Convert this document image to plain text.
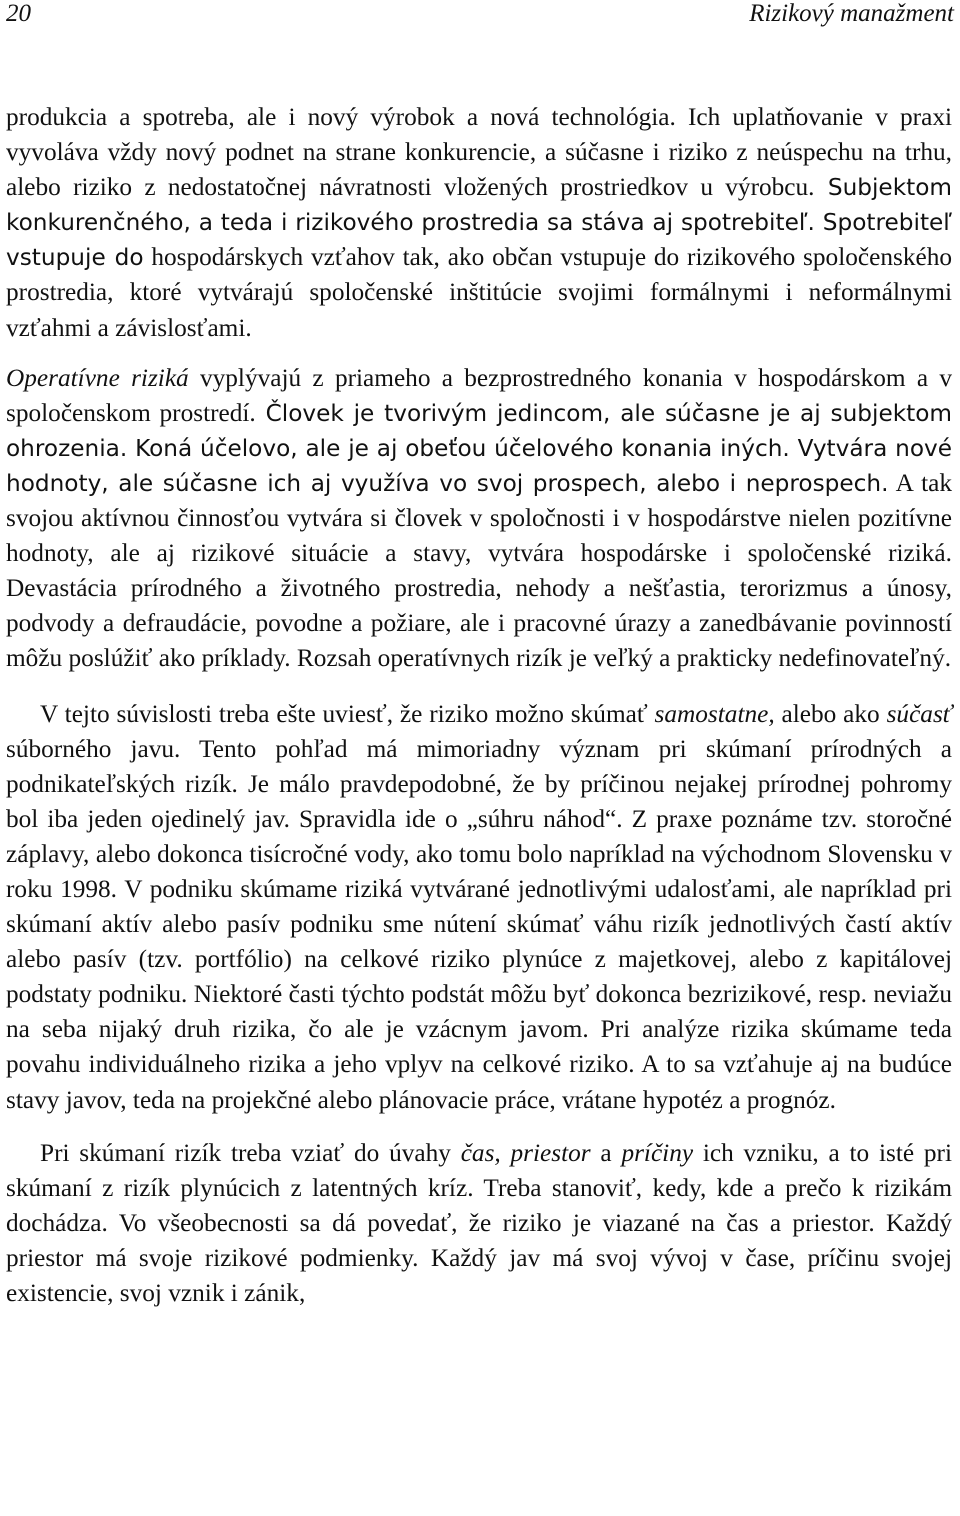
20	Rizikový manažment

produkcia a spotreba, ale i nový výrobok a nová technológia. Ich uplatňovanie v praxi vyvoláva vždy nový podnet na strane konkurencie, a súčasne i riziko z neúspechu na trhu, alebo riziko z nedostatočnej návratnosti vložených prostriedkov u výrobcu. Subjektom konkurenčného, a teda i rizikového prostredia sa stáva aj spotrebiteľ. Spotrebiteľ vstupuje do hospodárskych vzťahov tak, ako občan vstupuje do rizikového spoločenského prostredia, ktoré vytvárajú spoločenské inštitúcie svojimi formálnymi i neformálnymi vzťahmi a závislosťami.

Operatívne riziká vyplývajú z priameho a bezprostredného konania v hospodárskom a v spoločenskom prostredí. Človek je tvorivým jedincom, ale súčasne je aj subjektom ohrozenia. Koná účelovo, ale je aj obeťou účelového konania iných. Vytvára nové hodnoty, ale súčasne ich aj využíva vo svoj prospech, alebo i neprospech. A tak svojou aktívnou činnosťou vytvára si človek v spoločnosti i v hospodárstve nielen pozitívne hodnoty, ale aj rizikové situácie a stavy, vytvára hospodárske i spoločenské riziká. Devastácia prírodného a životného prostredia, nehody a nešťastia, terorizmus a únosy, podvody a defraudácie, povodne a požiare, ale i pracovné úrazy a zanedbávanie povinností môžu poslúžiť ako príklady. Rozsah operatívnych rizík je veľký a prakticky nedefinovateľný.

V tejto súvislosti treba ešte uviesť, že riziko možno skúmať samostatne, alebo ako súčasť súborného javu. Tento pohľad má mimoriadny význam pri skúmaní prírodných a podnikateľských rizík. Je málo pravdepodobné, že by príčinou nejakej prírodnej pohromy bol iba jeden ojedinelý jav. Spravidla ide o „súhru náhod“. Z praxe poznáme tzv. storočné záplavy, alebo dokonca tisícročné vody, ako tomu bolo napríklad na východnom Slovensku v roku 1998. V podniku skúmame riziká vytvárané jednotlivými udalosťami, ale napríklad pri skúmaní aktív alebo pasív podniku sme nútení skúmať váhu rizík jednotlivých častí aktív alebo pasív (tzv. portfólio) na celkové riziko plynúce z majetkovej, alebo z kapitálovej podstaty podniku. Niektoré časti týchto podstát môžu byť dokonca bezrizikové, resp. neviažu na seba nijaký druh rizika, čo ale je vzácnym javom. Pri analýze rizika skúmame teda povahu individuálneho rizika a jeho vplyv na celkové riziko. A to sa vzťahuje aj na budúce stavy javov, teda na projekčné alebo plánovacie práce, vrátane hypotéz a prognóz.

Pri skúmaní rizík treba vziať do úvahy čas, priestor a príčiny ich vzniku, a to isté pri skúmaní z rizík plynúcich z latentných kríz. Treba stanoviť, kedy, kde a prečo k rizikám dochádza. Vo všeobecnosti sa dá povedať, že riziko je viazané na čas a priestor. Každý priestor má svoje rizikové podmienky. Každý jav má svoj vývoj v čase, príčinu svojej existencie, svoj vznik i zánik,
